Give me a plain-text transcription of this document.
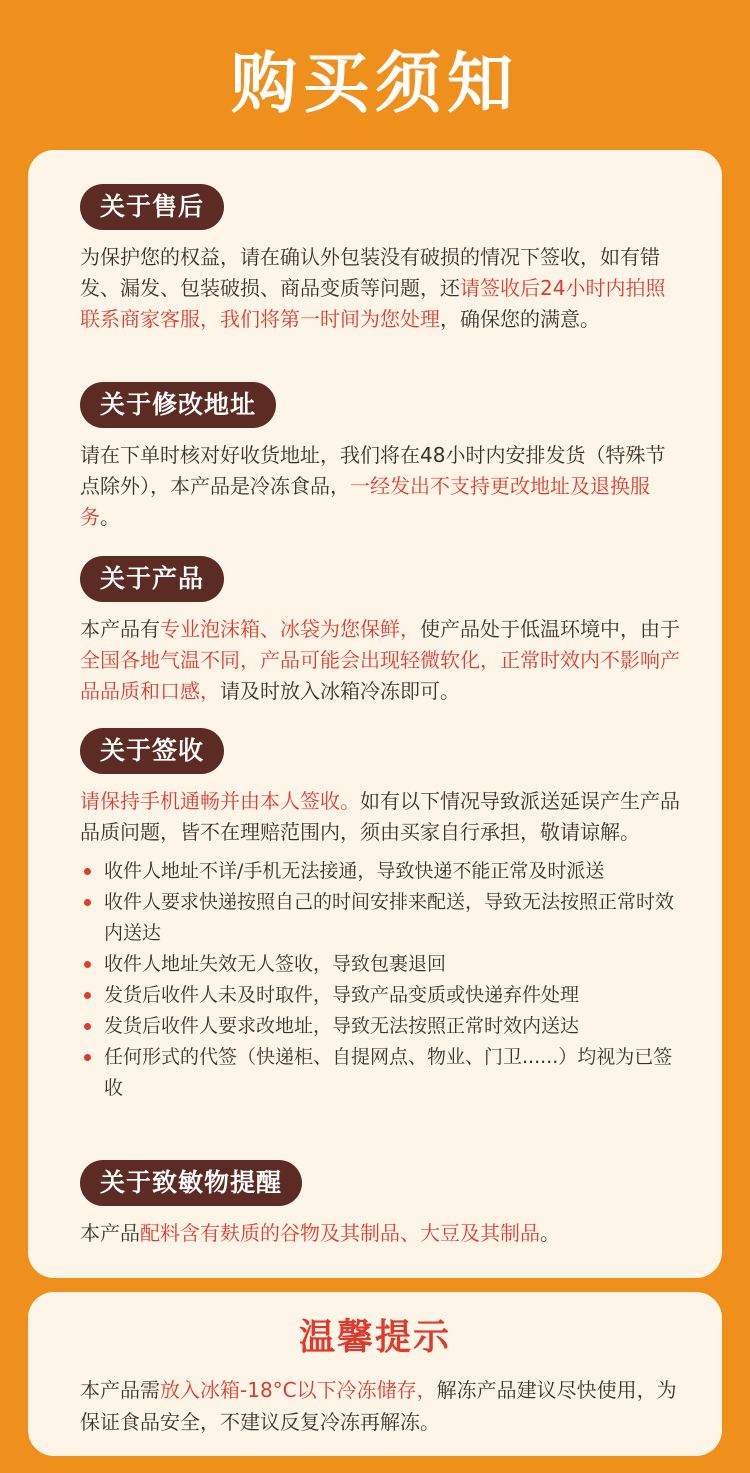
购买须知
关于售后
为保护您的权益，请在确认外包装没有破损的情况下签收，如有错发、漏发、包装破损、商品变质等问题，还请签收后24小时内拍照联系商家客服，我们将第一时间为您处理，确保您的满意。
关于修改地址
请在下单时核对好收货地址，我们将在48小时内安排发货（特殊节点除外），本产品是冷冻食品，一经发出不支持更改地址及退换服务。
关于产品
本产品有专业泡沫箱、冰袋为您保鲜，使产品处于低温环境中，由于全国各地气温不同，产品可能会出现轻微软化，正常时效内不影响产品品质和口感，请及时放入冰箱冷冻即可。
关于签收
请保持手机通畅并由本人签收。如有以下情况导致派送延误产生产品品质问题，皆不在理赔范围内，须由买家自行承担，敬请谅解。
收件人地址不详/手机无法接通，导致快递不能正常及时派送
收件人要求快递按照自己的时间安排来配送，导致无法按照正常时效内送达
收件人地址失效无人签收，导致包裹退回
发货后收件人未及时取件，导致产品变质或快递弃件处理
发货后收件人要求改地址，导致无法按照正常时效内送达
任何形式的代签（快递柜、自提网点、物业、门卫......）均视为已签收
关于致敏物提醒
本产品配料含有麸质的谷物及其制品、大豆及其制品。
温馨提示
本产品需放入冰箱-18°C以下冷冻储存，解冻产品建议尽快使用，为保证食品安全，不建议反复冷冻再解冻。
